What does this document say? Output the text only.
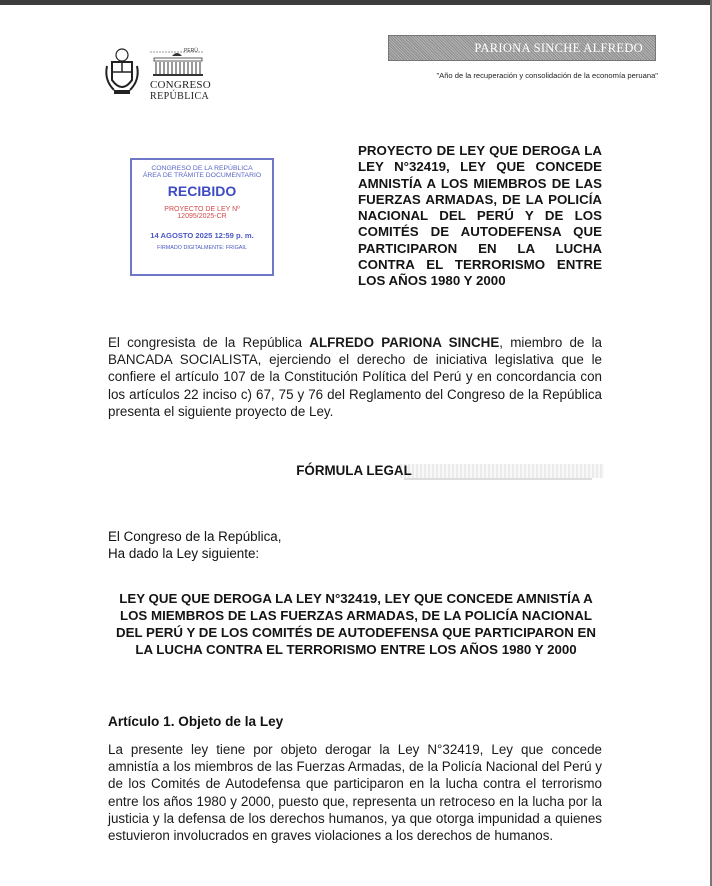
PERÚ
CONGRESO
REPÚBLICA
PARIONA SINCHE ALFREDO
"Año de la recuperación y consolidación de la economía peruana"
CONGRESO DE LA REPÚBLICA
ÁREA DE TRÁMITE DOCUMENTARIO
RECIBIDO
PROYECTO DE LEY Nº
12095/2025-CR
14 AGOSTO 2025 12:59 p. m.
FIRMADO DIGITALMENTE: FRIGAIL
PROYECTO DE LEY QUE DEROGA LA LEY N°32419, LEY QUE CONCEDE AMNISTÍA A LOS MIEMBROS DE LAS FUERZAS ARMADAS, DE LA POLICÍA NACIONAL DEL PERÚ Y DE LOS COMITÉS DE AUTODEFENSA QUE PARTICIPARON EN LA LUCHA CONTRA EL TERRORISMO ENTRE LOS AÑOS 1980 Y 2000
El congresista de la República ALFREDO PARIONA SINCHE, miembro de la BANCADA SOCIALISTA, ejerciendo el derecho de iniciativa legislativa que le confiere el artículo 107 de la Constitución Política del Perú y en concordancia con los artículos 22 inciso c) 67, 75 y 76 del Reglamento del Congreso de la República presenta el siguiente proyecto de Ley.
FÓRMULA LEGAL
El Congreso de la República,
Ha dado la Ley siguiente:
LEY QUE QUE DEROGA LA LEY N°32419, LEY QUE CONCEDE AMNISTÍA A LOS MIEMBROS DE LAS FUERZAS ARMADAS, DE LA POLICÍA NACIONAL DEL PERÚ Y DE LOS COMITÉS DE AUTODEFENSA QUE PARTICIPARON EN LA LUCHA CONTRA EL TERRORISMO ENTRE LOS AÑOS 1980 Y 2000
Artículo 1. Objeto de la Ley
La presente ley tiene por objeto derogar la Ley N°32419, Ley que concede amnistía a los miembros de las Fuerzas Armadas, de la Policía Nacional del Perú y de los Comités de Autodefensa que participaron en la lucha contra el terrorismo entre los años 1980 y 2000, puesto que, representa un retroceso en la lucha por la justicia y la defensa de los derechos humanos, ya que otorga impunidad a quienes estuvieron involucrados en graves violaciones a los derechos de humanos.
